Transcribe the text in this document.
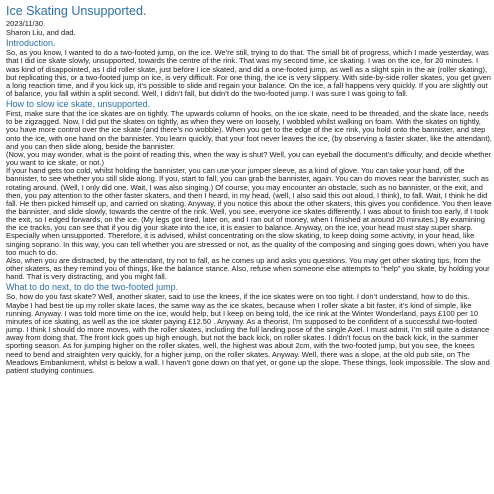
Ice Skating Unsupported.

2023/11/30.

Sharon Liu, and dad.

Introduction.

So, as you know, I wanted to do a two-footed jump, on the ice. We’re still, trying to do that. The small bit of progress, which I made yesterday, was that I did ice skate slowly, unsupported, towards the centre of the rink. That was my second time, ice skating. I was on the ice, for 20 minutes. I was kind of disappointed, as I did roller skate, just before I ice skated, and did a one-footed jump, as well as a slight spin in the air (roller skating), but replicating this, or a two-footed jump on ice, is very difficult. For one thing, the ice is very slippery. With side-by-side roller skates, you get given a long reaction time, and if you kick up, it’s possible to slide and regain your balance. On the ice, a fall happens very quickly. If you are slightly out of balance, you fall within a split second. Well, I didn’t fall, but didn’t do the two-footed jump. I was sure I was going to fall.

How to slow ice skate, unsupported.

First, make sure that the ice skates are on tightly. The upwards column of hooks, on the ice skate, need to be threaded, and the skate lace, needs to be zigzagged. Now, I did put the skates on tightly, as when they were on loosely, I wobbled whilst walking on foam. With the skates on tightly, you have more control over the ice skate (and there’s no wobble). When you get to the edge of the ice rink, you hold onto the bannister, and step onto the ice, with one hand on the bannister. You learn quickly, that your foot never leaves the ice, (by observing a faster skater, like the attendant), and you can then slide along, beside the bannister.

(Now, you may wonder, what is the point of reading this, when the way is shut? Well, you can eyeball the document’s difficulty, and decide whether you want to ice skate, or not.)

If your hand gets too cold, whilst holding the bannister, you can use your jumper sleeve, as a kind of glove. You can take your hand, off the bannister, to see whether you still slide along. If you, start to fall, you can grab the bannister, again. You can do moves near the bannister, such as rotating around. (Well, I only did one. Wait, I was also singing.) Of course, you may encounter an obstacle, such as no bannister, or the exit, and then, you pay attention to the other faster skaters, and then I heard, in my head, (well, I also said this out aloud, I think), to fall. Wait, I think he did fall. He then picked himself up, and carried on skating. Anyway, if you notice this about the other skaters, this gives you confidence. You then leave the bannister, and slide slowly, towards the centre of the rink. Well, you see, everyone ice skates differently. I was about to finish too early, if I took the exit, so I edged forwards, on the ice. (My legs got tired, later on, and I ran out of money, when I finished at around 20 minutes.) By examining the ice tracks, you can see that if you dig your skate into the ice, it is easier to balance. Anyway, on the ice, your head must stay super sharp. Especially when unsupported. Therefore, it is advised, whilst concentrating on the slow skating, to keep doing some activity, in your head, like singing soprano. In this way, you can tell whether you are stressed or not, as the quality of the composing and singing goes down, when you have too much to do.

Also, when you are distracted, by the attendant, try not to fall, as he comes up and asks you questions. You may get other skating tips, from the other skaters, as they remind you of things, like the balance stance. Also, refuse when someone else attempts to “help” you skate, by holding your hand. That is very distracting, and you might fall.

What to do next, to do the two-footed jump.

So, how do you fast skate? Well, another skater, said to use the knees, if the ice skates were on too tight. I don’t understand, how to do this. Maybe I had best tie up my roller skate laces, the same way as the ice skates, because when I roller skate a bit faster, it’s kind of simple, like running. Anyway. I was told more time on the ice, would help, but I keep on being told, the ice rink at the Winter Wonderland, pays £100 per 10 minutes of ice skating, as well as the ice skater paying £12.50 . Anyway. As a theorist, I’m supposed to be confident of a successful two-footed jump. I think I should do more moves, with the roller skates, including the full landing pose of the single Axel. I must admit, I’m still quite a distance away from doing that. The front kick goes up high enough, but not the back kick, on roller skates. I didn’t focus on the back kick, in the summer sporting season. As for jumping higher on the roller skates, well, the highest was about 2cm, with the two-footed jump, but you see, the knees need to bend and straighten very quickly, for a higher jump, on the roller skates. Anyway. Well, there was a slope, at the old pub site, on The Meadows Embankment, whilst is below a wall. I haven’t gone down on that yet, or gone up the slope. These things, look impossible. The slow and patient studying continues.
